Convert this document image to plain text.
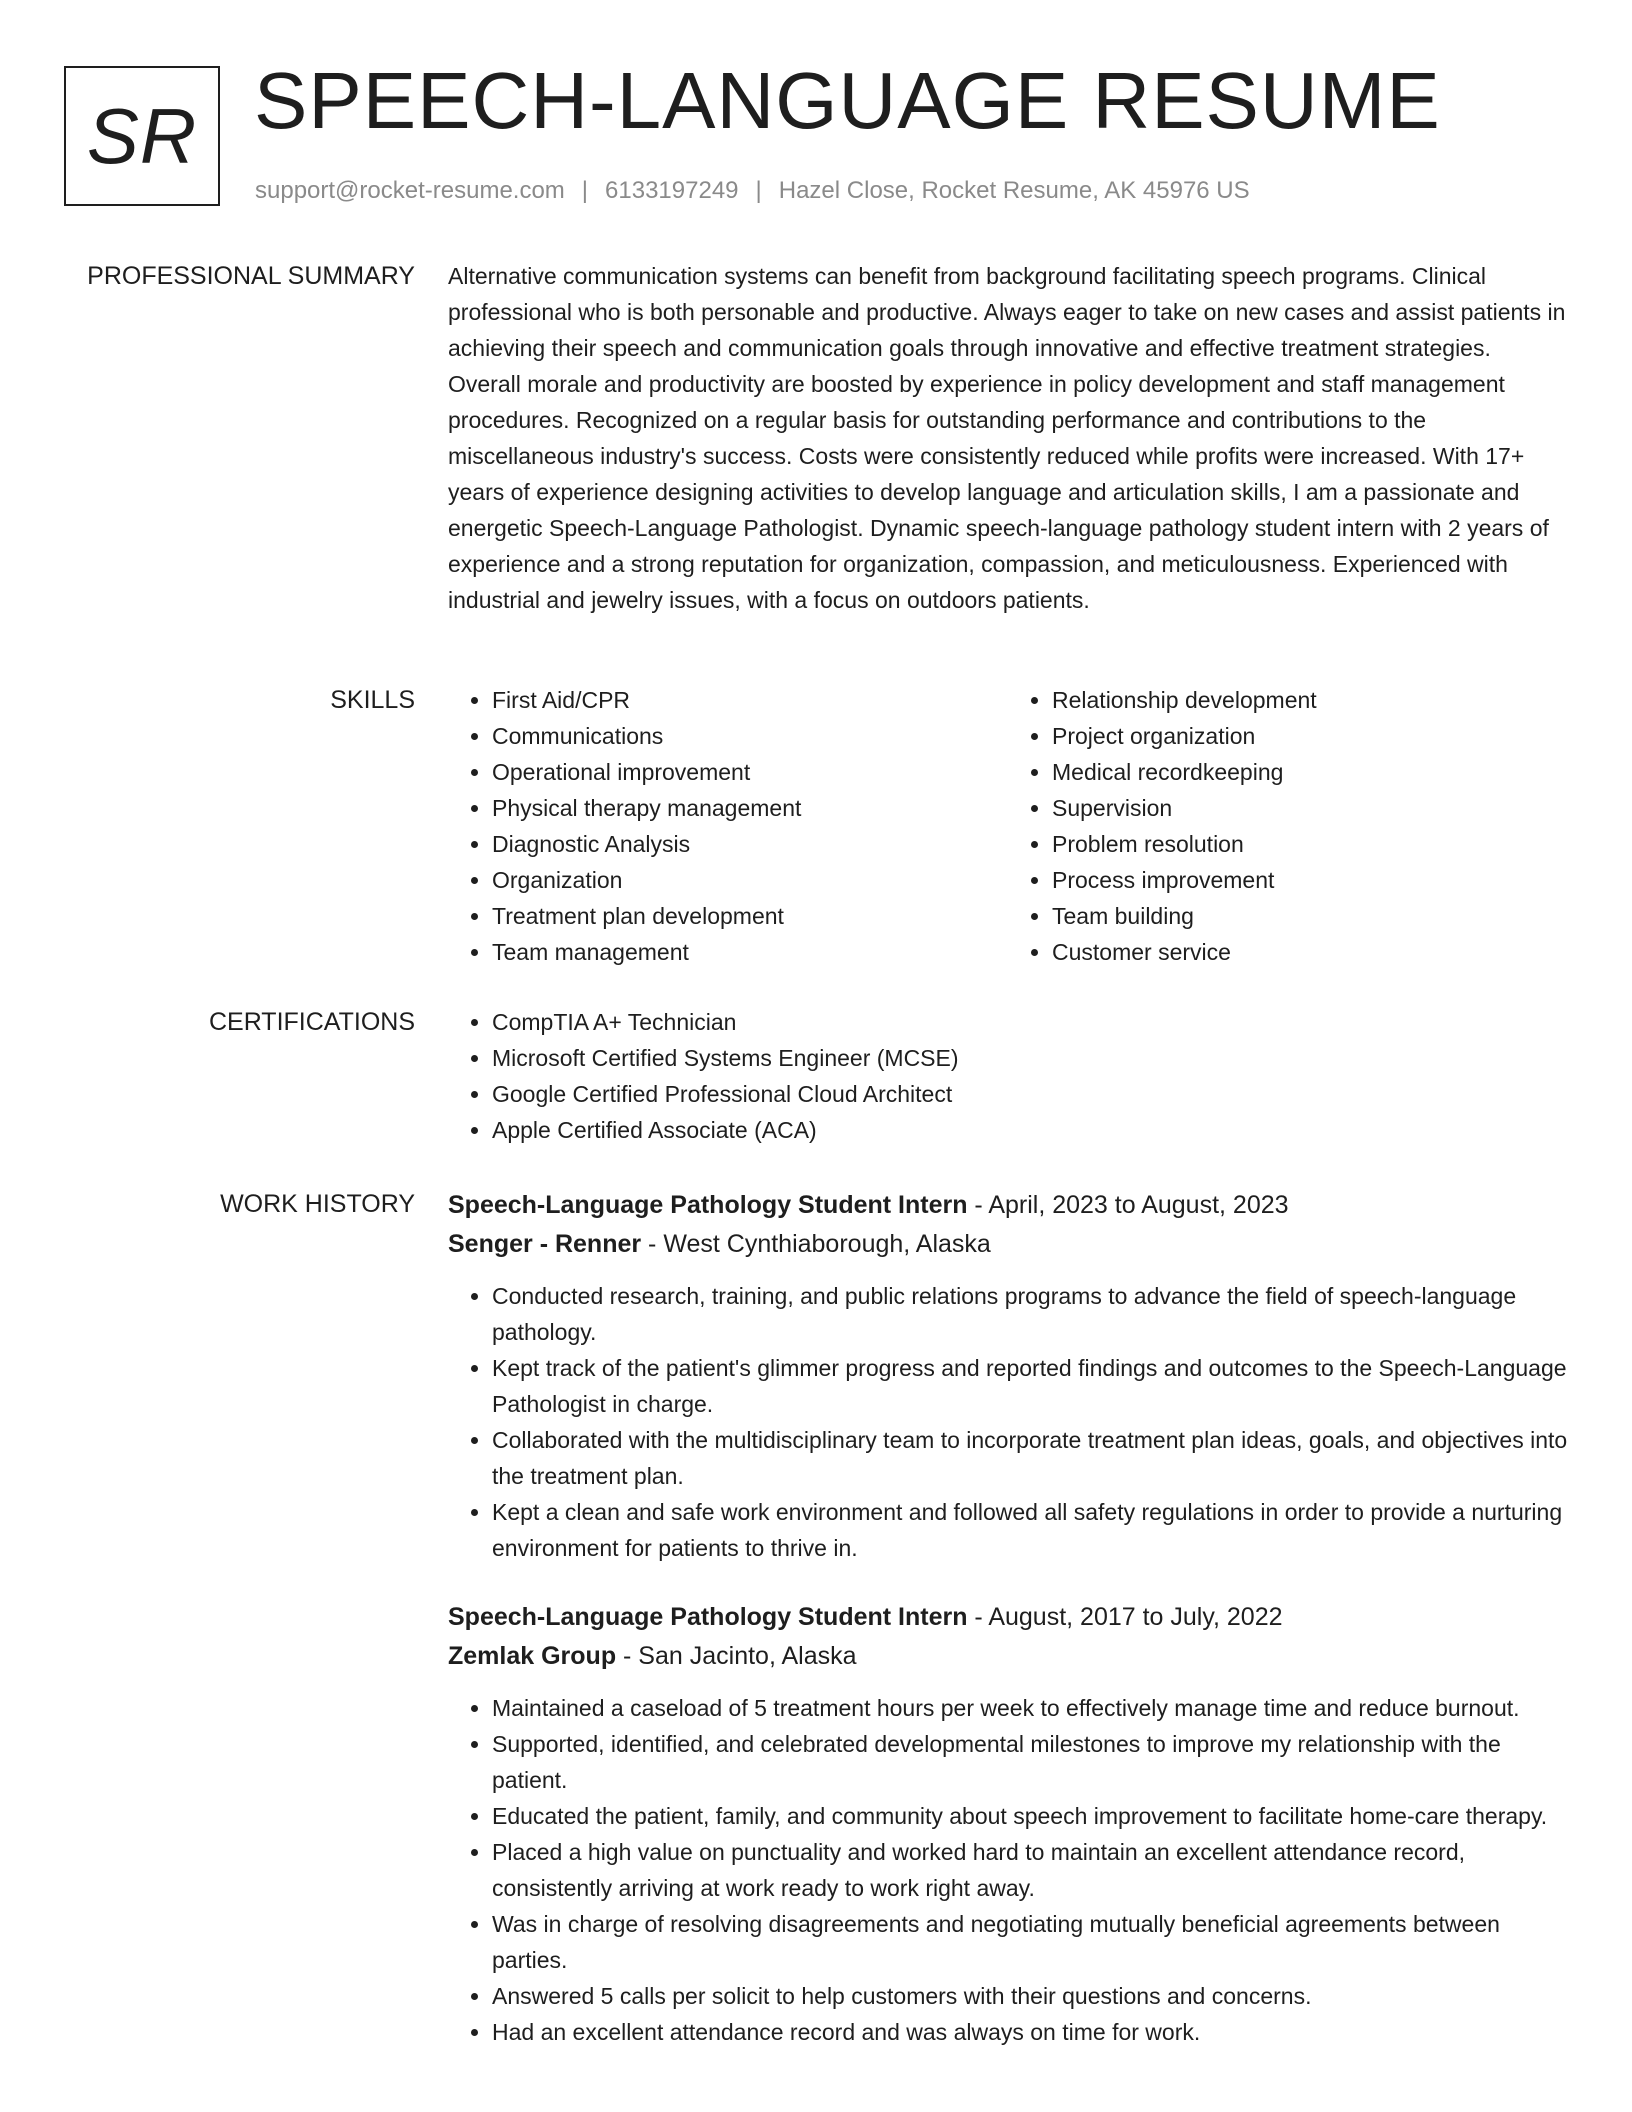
SR SPEECH-LANGUAGE RESUME
support@rocket-resume.com | 6133197249 | Hazel Close, Rocket Resume, AK 45976 US
PROFESSIONAL SUMMARY Alternative communication systems can benefit from background facilitating speech programs. Clinical professional who is both personable and productive. Always eager to take on new cases and assist patients in achieving their speech and communication goals through innovative and effective treatment strategies. Overall morale and productivity are boosted by experience in policy development and staff management procedures. Recognized on a regular basis for outstanding performance and contributions to the miscellaneous industry's success. Costs were consistently reduced while profits were increased. With 17+ years of experience designing activities to develop language and articulation skills, I am a passionate and energetic Speech-Language Pathologist. Dynamic speech-language pathology student intern with 2 years of experience and a strong reputation for organization, compassion, and meticulousness. Experienced with industrial and jewelry issues, with a focus on outdoors patients.

SKILLS	• First Aid/CPR
• Communications
• Operational improvement
• Physical therapy management
• Diagnostic Analysis
• Organization
• Treatment plan development
• Team management
• Relationship development
• Project organization
• Medical recordkeeping
• Supervision
• Problem resolution
• Process improvement
• Team building
• Customer service
CERTIFICATIONS	• CompTIA A+ Technician
• Microsoft Certified Systems Engineer (MCSE)
• Google Certified Professional Cloud Architect
• Apple Certified Associate (ACA)
WORK HISTORY Speech-Language Pathology Student Intern - April, 2023 to August, 2023
Senger - Renner - West Cynthiaborough, Alaska
• Conducted research, training, and public relations programs to advance the field of speech-language pathology.
• Kept track of the patient's glimmer progress and reported findings and outcomes to the Speech-Language Pathologist in charge.
• Collaborated with the multidisciplinary team to incorporate treatment plan ideas, goals, and objectives into the treatment plan.
• Kept a clean and safe work environment and followed all safety regulations in order to provide a nurturing environment for patients to thrive in.
Speech-Language Pathology Student Intern - August, 2017 to July, 2022
Zemlak Group - San Jacinto, Alaska
• Maintained a caseload of 5 treatment hours per week to effectively manage time and reduce burnout.
• Supported, identified, and celebrated developmental milestones to improve my relationship with the patient.
• Educated the patient, family, and community about speech improvement to facilitate home-care therapy.
• Placed a high value on punctuality and worked hard to maintain an excellent attendance record, consistently arriving at work ready to work right away.
• Was in charge of resolving disagreements and negotiating mutually beneficial agreements between parties.
• Answered 5 calls per solicit to help customers with their questions and concerns.
• Had an excellent attendance record and was always on time for work.
